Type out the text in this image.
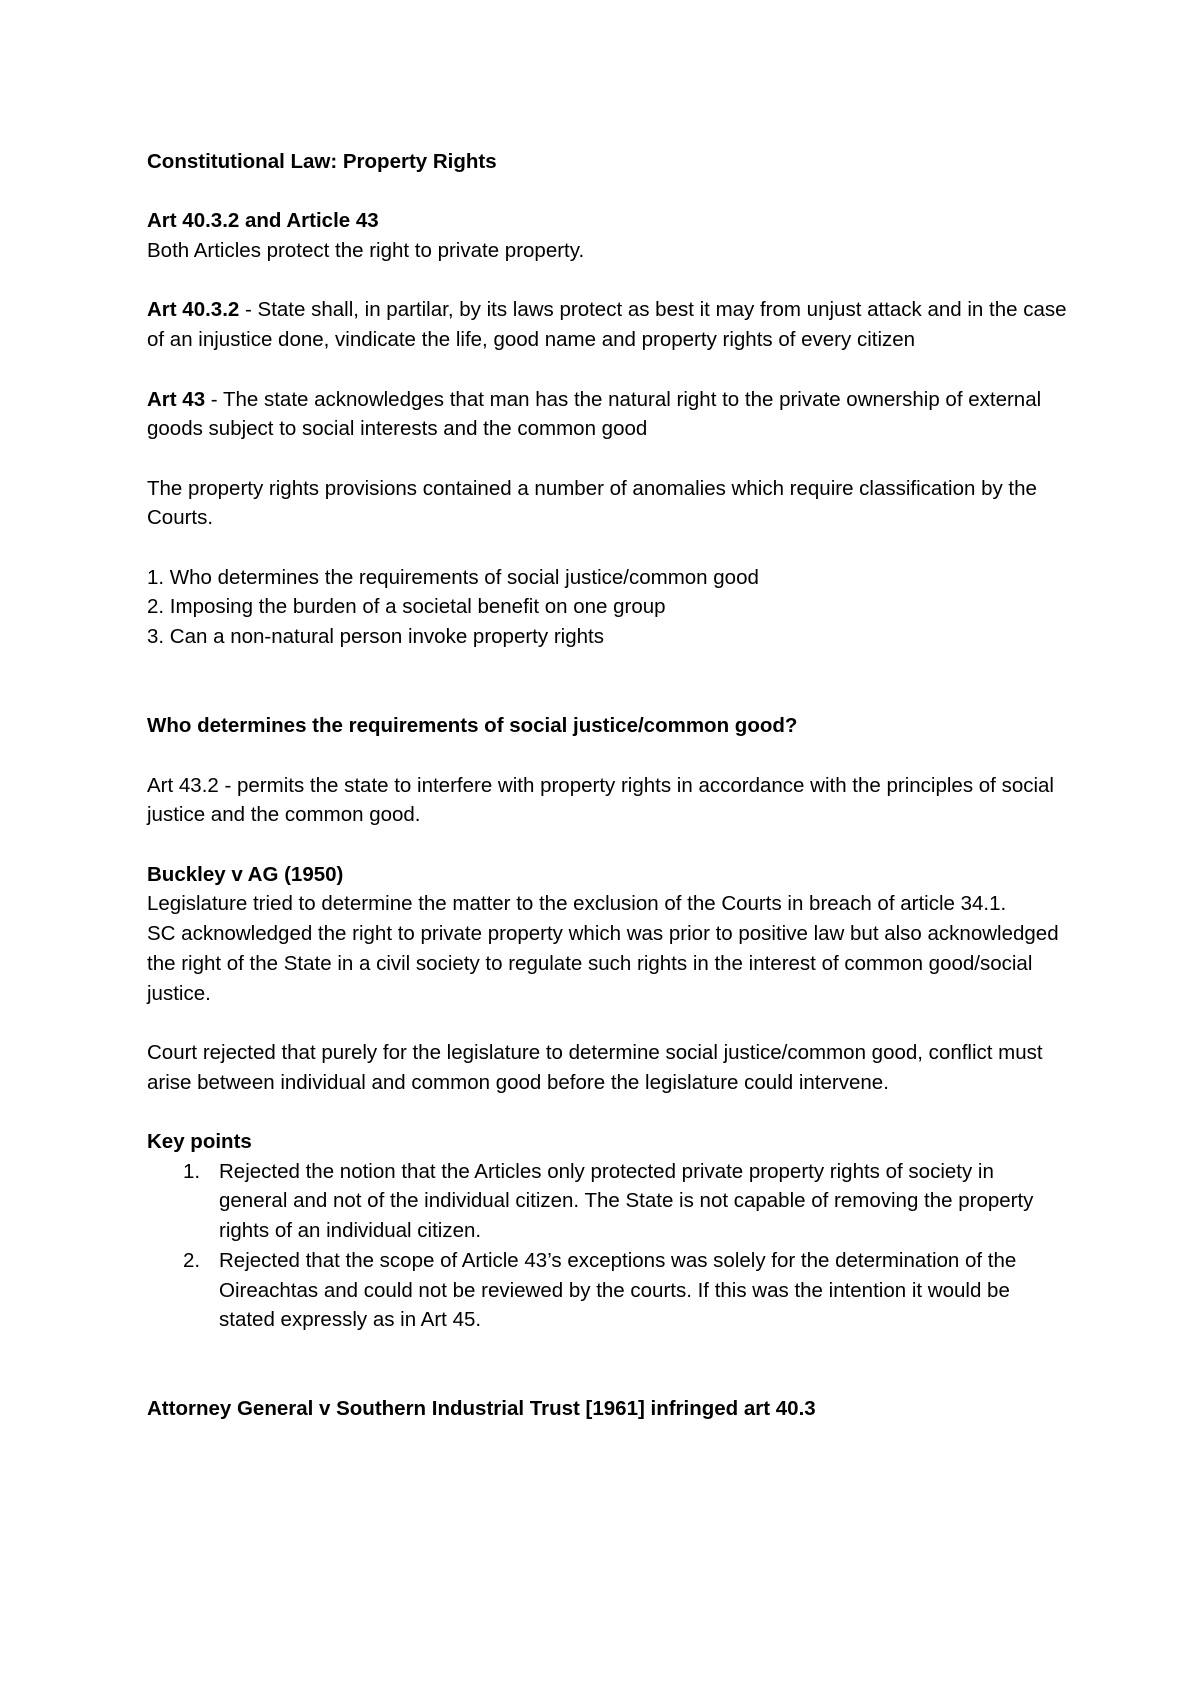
Constitutional Law: Property Rights

Art 40.3.2 and Article 43

Both Articles protect the right to private property.

Art 40.3.2 - State shall, in partilar, by its laws protect as best it may from unjust attack and in the case of an injustice done, vindicate the life, good name and property rights of every citizen

Art 43 - The state acknowledges that man has the natural right to the private ownership of external goods subject to social interests and the common good

The property rights provisions contained a number of anomalies which require classification by the Courts.

1. Who determines the requirements of social justice/common good

2. Imposing the burden of a societal benefit on one group

3. Can a non-natural person invoke property rights

Who determines the requirements of social justice/common good?

Art 43.2 - permits the state to interfere with property rights in accordance with the principles of social justice and the common good.

Buckley v AG (1950)

Legislature tried to determine the matter to the exclusion of the Courts in breach of article 34.1.

SC acknowledged the right to private property which was prior to positive law but also acknowledged the right of the State in a civil society to regulate such rights in the interest of common good/social justice.

Court rejected that purely for the legislature to determine social justice/common good, conflict must arise between individual and common good before the legislature could intervene.

Key points

1. Rejected the notion that the Articles only protected private property rights of society in general and not of the individual citizen. The State is not capable of removing the property rights of an individual citizen.
2. Rejected that the scope of Article 43’s exceptions was solely for the determination of the Oireachtas and could not be reviewed by the courts. If this was the intention it would be stated expressly as in Art 45.

Attorney General v Southern Industrial Trust [1961] infringed art 40.3
